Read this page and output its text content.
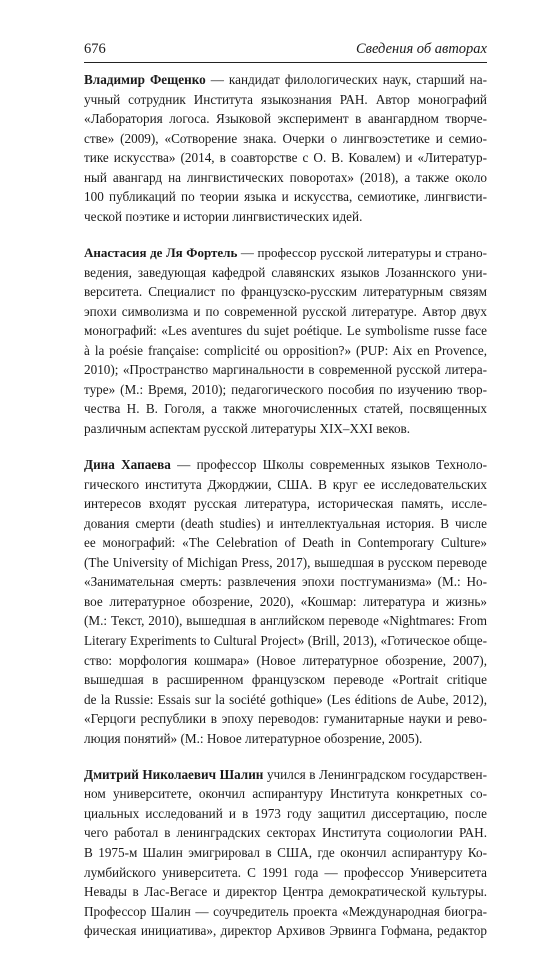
676	Сведения об авторах
Владимир Фещенко — кандидат филологических наук, старший на-
учный сотрудник Института языкознания РАН. Автор монографий
«Лаборатория логоса. Языковой эксперимент в авангардном творче-
стве» (2009), «Сотворение знака. Очерки о лингвоэстетике и семио-
тике искусства» (2014, в соавторстве с О. В. Ковалем) и «Литератур-
ный авангард на лингвистических поворотах» (2018), а также около
100 публикаций по теории языка и искусства, семиотике, лингвисти-
ческой поэтике и истории лингвистических идей.
Анастасия де Ля Фортель — профессор русской литературы и страно-
ведения, заведующая кафедрой славянских языков Лозаннского уни-
верситета. Специалист по французско-русским литературным связям
эпохи символизма и по современной русской литературе. Автор двух
монографий: «Les aventures du sujet poétique. Le symbolisme russe face
à la poésie française: complicité ou opposition?» (PUP: Aix en Provence,
2010); «Пространство маргинальности в современной русской литера-
туре» (М.: Время, 2010); педагогического пособия по изучению твор-
чества Н. В. Гоголя, а также многочисленных статей, посвященных
различным аспектам русской литературы XIX–XXI веков.
Дина Хапаева — профессор Школы современных языков Техноло-
гического института Джорджии, США. В круг ее исследовательских
интересов входят русская литература, историческая память, иссле-
дования смерти (death studies) и интеллектуальная история. В числе
ее монографий: «The Celebration of Death in Contemporary Culture»
(The University of Michigan Press, 2017), вышедшая в русском переводе
«Занимательная смерть: развлечения эпохи постгуманизма» (М.: Но-
вое литературное обозрение, 2020), «Кошмар: литература и жизнь»
(М.: Текст, 2010), вышедшая в английском переводе «Nightmares: From
Literary Experiments to Cultural Project» (Brill, 2013), «Готическое обще-
ство: морфология кошмара» (Новое литературное обозрение, 2007),
вышедшая в расширенном французском переводе «Portrait critique
de la Russie: Essais sur la société gothique» (Les éditions de Aube, 2012),
«Герцоги республики в эпоху переводов: гуманитарные науки и рево-
люция понятий» (М.: Новое литературное обозрение, 2005).
Дмитрий Николаевич Шалин учился в Ленинградском государствен-
ном университете, окончил аспирантуру Института конкретных со-
циальных исследований и в 1973 году защитил диссертацию, после
чего работал в ленинградских секторах Института социологии РАН.
В 1975-м Шалин эмигрировал в США, где окончил аспирантуру Ко-
лумбийского университета. С 1991 года — профессор Университета
Невады в Лас-Вегасе и директор Центра демократической культуры.
Профессор Шалин — соучредитель проекта «Международная биогра-
фическая инициатива», директор Архивов Эрвинга Гофмана, редактор
